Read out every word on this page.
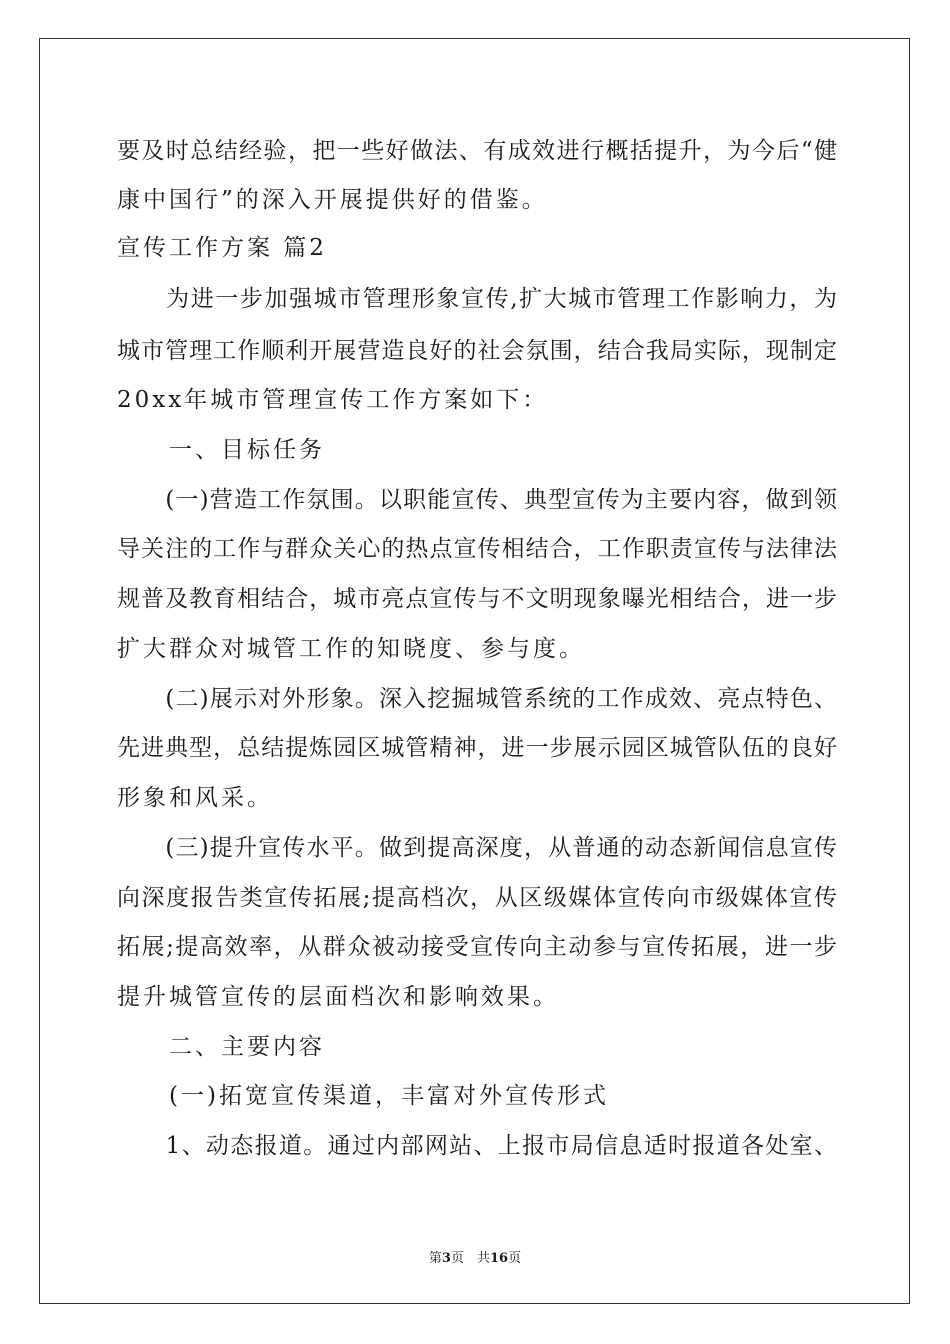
要及时总结经验，把一些好做法、有成效进行概括提升，为今后“健
康中国行”的深入开展提供好的借鉴。
宣传工作方案 篇2
　　为进一步加强城市管理形象宣传,扩大城市管理工作影响力，为
城市管理工作顺利开展营造良好的社会氛围，结合我局实际，现制定
20xx年城市管理宣传工作方案如下：
　　一、目标任务
　　(一)营造工作氛围。以职能宣传、典型宣传为主要内容，做到领
导关注的工作与群众关心的热点宣传相结合，工作职责宣传与法律法
规普及教育相结合，城市亮点宣传与不文明现象曝光相结合，进一步
扩大群众对城管工作的知晓度、参与度。
　　(二)展示对外形象。深入挖掘城管系统的工作成效、亮点特色、
先进典型，总结提炼园区城管精神，进一步展示园区城管队伍的良好
形象和风采。
　　(三)提升宣传水平。做到提高深度，从普通的动态新闻信息宣传
向深度报告类宣传拓展;提高档次，从区级媒体宣传向市级媒体宣传
拓展;提高效率，从群众被动接受宣传向主动参与宣传拓展，进一步
提升城管宣传的层面档次和影响效果。
　　二、主要内容
　　(一)拓宽宣传渠道，丰富对外宣传形式
　　1、动态报道。通过内部网站、上报市局信息适时报道各处室、
第3页　共16页
